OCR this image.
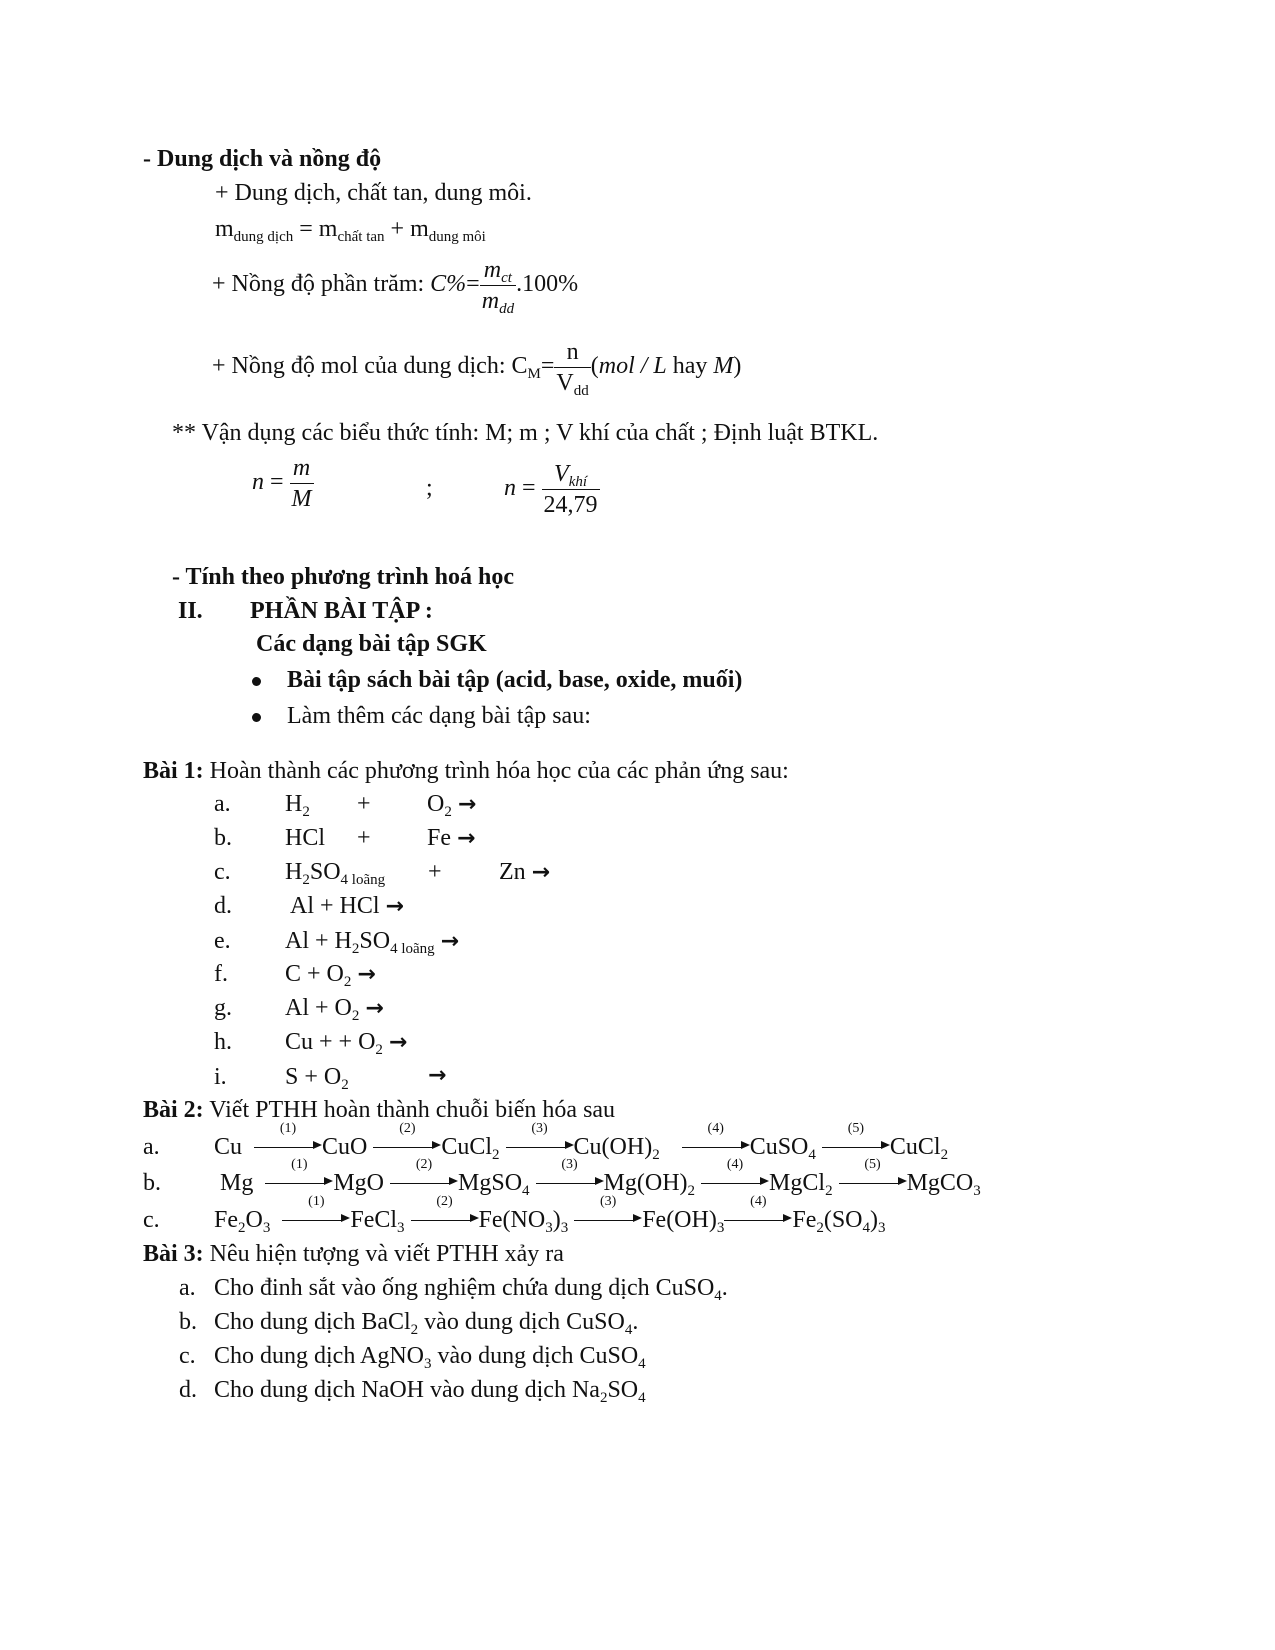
- Dung dịch và nồng độ
+ Dung dịch, chất tan, dung môi.
$m_{dung dịch} = m_{chất tan} + m_{dung môi}$
+ Nồng độ phần trăm: $C\%= \frac{m_{ct}}{m_{dd}} .100\%$
+ Nồng độ mol của dung dịch: $C_M= \frac{n}{V_{dd}} (mol / L$ hay M)
** Vận dụng các biểu thức tính: M; m ; V khí của chất ; Định luật BTKL.
$n = \frac{m}{M}$	;	$n = \frac{V_{khí}}{24,79}$
- Tính theo phương trình hoá học
II. PHẦN BÀI TẬP :
Các dạng bài tập SGK
Bài tập sách bài tập (acid, base, oxide, muối)
Làm thêm các dạng bài tập sau:
Bài 1: Hoàn thành các phương trình hóa học của các phản ứng sau:
a. $H_2 + O_2$ →
b. HCl + Fe →
c. $H_2SO_{4 loãng} + Zn$ →
d. Al + HCl →
e. $Al + H_2SO_{4 loãng}$ →
f. $C + O_2$ →
g. $Al + O_2$ →
h. Cu + + $O_2$ →
i. $S + O_2$	→
Bài 2: Viết PTHH hoàn thành chuỗi biến hóa sau
a. Cu
(1)
CuO
(2)
CuCl$_2$
(3)
$Cu(OH)_2$
(4)
CuSO$_4$
(5)
CuCl$_2$
b. Mg
(1)
MgO
(2)
MgSO$_4$
(3)
$Mg(OH)_2$
(4)
MgCl$_2$
(5)
MgCO$_3$
c. $Fe_2O_3$
(1)
FeCl$_3$
(2)
$Fe(NO_3)_3$
(3)
$Fe(OH)_3$
(4)
$Fe_2(SO_4)_3$
Bài 3: Nêu hiện tượng và viết PTHH xảy ra
a. Cho đinh sắt vào ống nghiệm chứa dung dịch CuSO$_4$.
b. Cho dung dịch BaCl$_2$ vào dung dịch CuSO$_4$.
c. Cho dung dịch AgNO$_3$ vào dung dịch CuSO$_4$
d. Cho dung dịch NaOH vào dung dịch $Na_2SO_4$
